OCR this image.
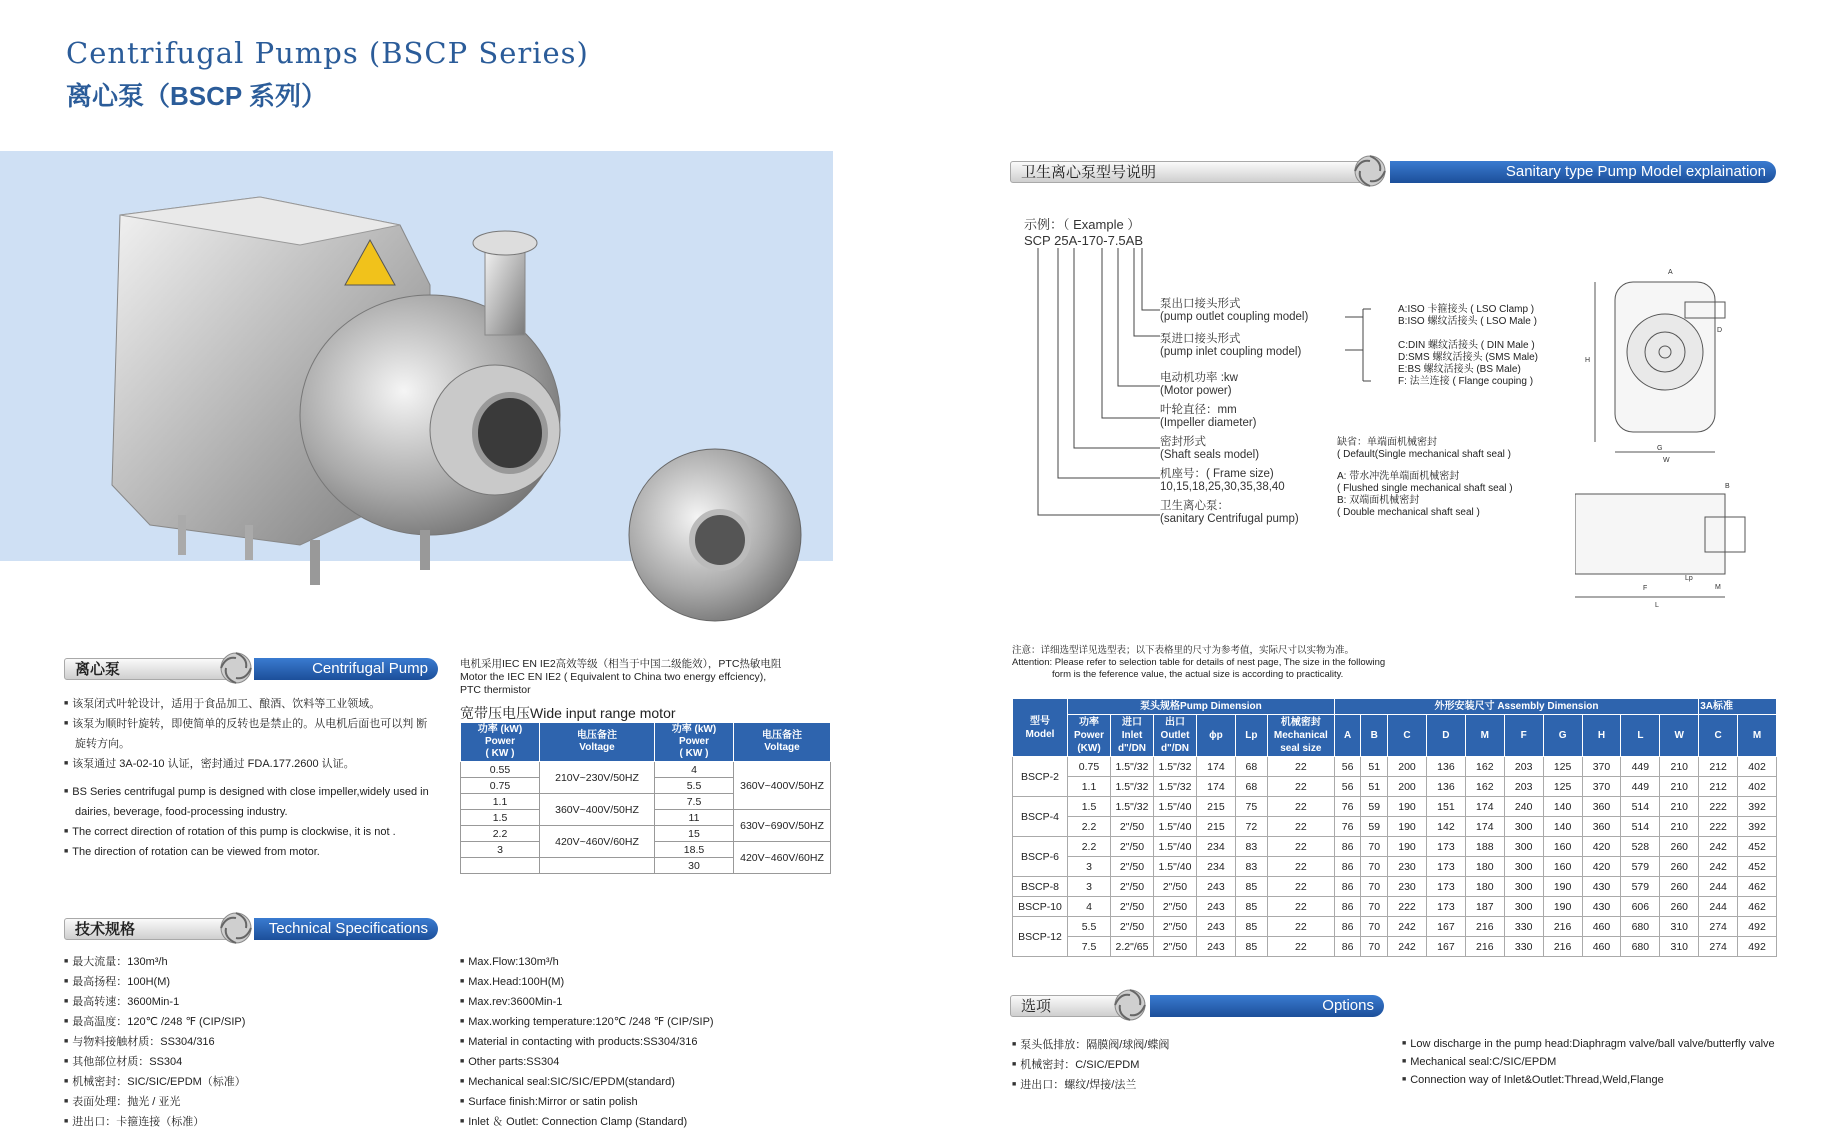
Centrifugal Pumps (BSCP Series)
离心泵（BSCP 系列）
离心泵	Centrifugal Pump
■ 该泵闭式叶轮设计，适用于食品加工、酿酒、饮料等工业领域。
■ 该泵为顺时针旋转，即使简单的反转也是禁止的。从电机后面也可以判 断
旋转方向。
■ 该泵通过 3A-02-10 认证，密封通过 FDA.177.2600 认证。
■ BS Series centrifugal pump is designed with close impeller,widely used in
dairies, beverage, food-processing industry.
■ The correct direction of rotation of this pump is clockwise, it is not .
■ The direction of rotation can be viewed from motor.
电机采用IEC EN IE2高效等级（相当于中国二级能效），PTC热敏电阻
Motor the IEC EN IE2 ( Equivalent to China two energy effciency),
PTC thermistor
宽带压电压Wide input range motor
功率 (kW)
Power
( KW )	电压备注
Voltage	功率 (kW)
Power
( KW )	电压备注
Voltage
0.55	210V~230V/50HZ	4	360V~400V/50HZ
0.75		5.5	
1.1	360V~400V/50HZ	7.5	
1.5		11	630V~690V/50HZ
2.2	420V~460V/60HZ	15	
3		18.5	420V~460V/60HZ
		30	
技术规格	Technical Specifications
■ 最大流量：130m³/h
■ 最高扬程：100H(M)
■ 最高转速：3600Min-1
■ 最高温度：120℃ /248 ℉ (CIP/SIP)
■ 与物料接触材质：SS304/316
■ 其他部位材质：SS304
■ 机械密封：SIC/SIC/EPDM（标准）
■ 表面处理：抛光 / 亚光
■ 进出口：卡箍连接（标准）
■ Max.Flow:130m³/h
■ Max.Head:100H(M)
■ Max.rev:3600Min-1
■ Max.working temperature:120℃ /248 ℉ (CIP/SIP)
■ Material in contacting with products:SS304/316
■ Other parts:SS304
■ Mechanical seal:SIC/SIC/EPDM(standard)
■ Surface finish:Mirror or satin polish
■ Inlet ＆ Outlet: Connection Clamp (Standard)
卫生离心泵型号说明	Sanitary type Pump Model explaination
示例：（ Example ）
SCP 25A-170-7.5AB
泵出口接头形式
(pump outlet coupling model)
泵进口接头形式
(pump inlet coupling model)
电动机功率 :kw
(Motor power)
叶轮直径：mm
(Impeller diameter)
密封形式
(Shaft seals model)
机座号：( Frame size)
10,15,18,25,30,35,38,40
卫生离心泵：
(sanitary Centrifugal pump)
A:ISO 卡箍接头 ( LSO Clamp )
B:ISO 螺纹活接头 ( LSO Male )
C:DIN 螺纹活接头 ( DIN Male )
D:SMS 螺纹活接头 (SMS Male)
E:BS 螺纹活接头 (BS Male)
F: 法兰连接 ( Flange couping )
缺省：单端面机械密封
( Default(Single mechanical shaft seal )
A: 带水冲洗单端面机械密封
( Flushed single mechanical shaft seal )
B: 双端面机械密封
( Double mechanical shaft seal )
A
D
H
G
W
B
F
L
M
Lp
注意：详细选型详见选型表；以下表格里的尺寸为参考值，实际尺寸以实物为准。
Attention: Please refer to selection table for details of nest page, The size in the following
form is the feference value, the actual size is according to practicality.
型号
Model	泵头规格Pump Dimension						外形安装尺寸 Assembly Dimension										3A标准	
	功率
Power
(KW)	进口
Inlet
d"/DN	出口
Outlet
d"/DN	ϕp	Lp	机械密封
Mechanical
seal size	A	B	C	D	M	F	G	H	L	W	C	M
BSCP-2	0.75	1.5"/32	1.5"/32	174	68	22	56	51	200	136	162	203	125	370	449	210	212	402
	1.1	1.5"/32	1.5"/32	174	68	22	56	51	200	136	162	203	125	370	449	210	212	402
BSCP-4	1.5	1.5"/32	1.5"/40	215	75	22	76	59	190	151	174	240	140	360	514	210	222	392
	2.2	2"/50	1.5"/40	215	72	22	76	59	190	142	174	300	140	360	514	210	222	392
BSCP-6	2.2	2"/50	1.5"/40	234	83	22	86	70	190	173	188	300	160	420	528	260	242	452
	3	2"/50	1.5"/40	234	83	22	86	70	230	173	180	300	160	420	579	260	242	452
BSCP-8	3	2"/50	2"/50	243	85	22	86	70	230	173	180	300	190	430	579	260	244	462
BSCP-10	4	2"/50	2"/50	243	85	22	86	70	222	173	187	300	190	430	606	260	244	462
BSCP-12	5.5	2"/50	2"/50	243	85	22	86	70	242	167	216	330	216	460	680	310	274	492
	7.5	2.2"/65	2"/50	243	85	22	86	70	242	167	216	330	216	460	680	310	274	492
选项	Options
■ 泵头低排放：隔膜阀/球阀/蝶阀
■ 机械密封：C/SIC/EPDM
■ 进出口：螺纹/焊接/法兰
■ Low discharge in the pump head:Diaphragm valve/ball valve/butterfly valve
■ Mechanical seal:C/SIC/EPDM
■ Connection way of Inlet&Outlet:Thread,Weld,Flange
